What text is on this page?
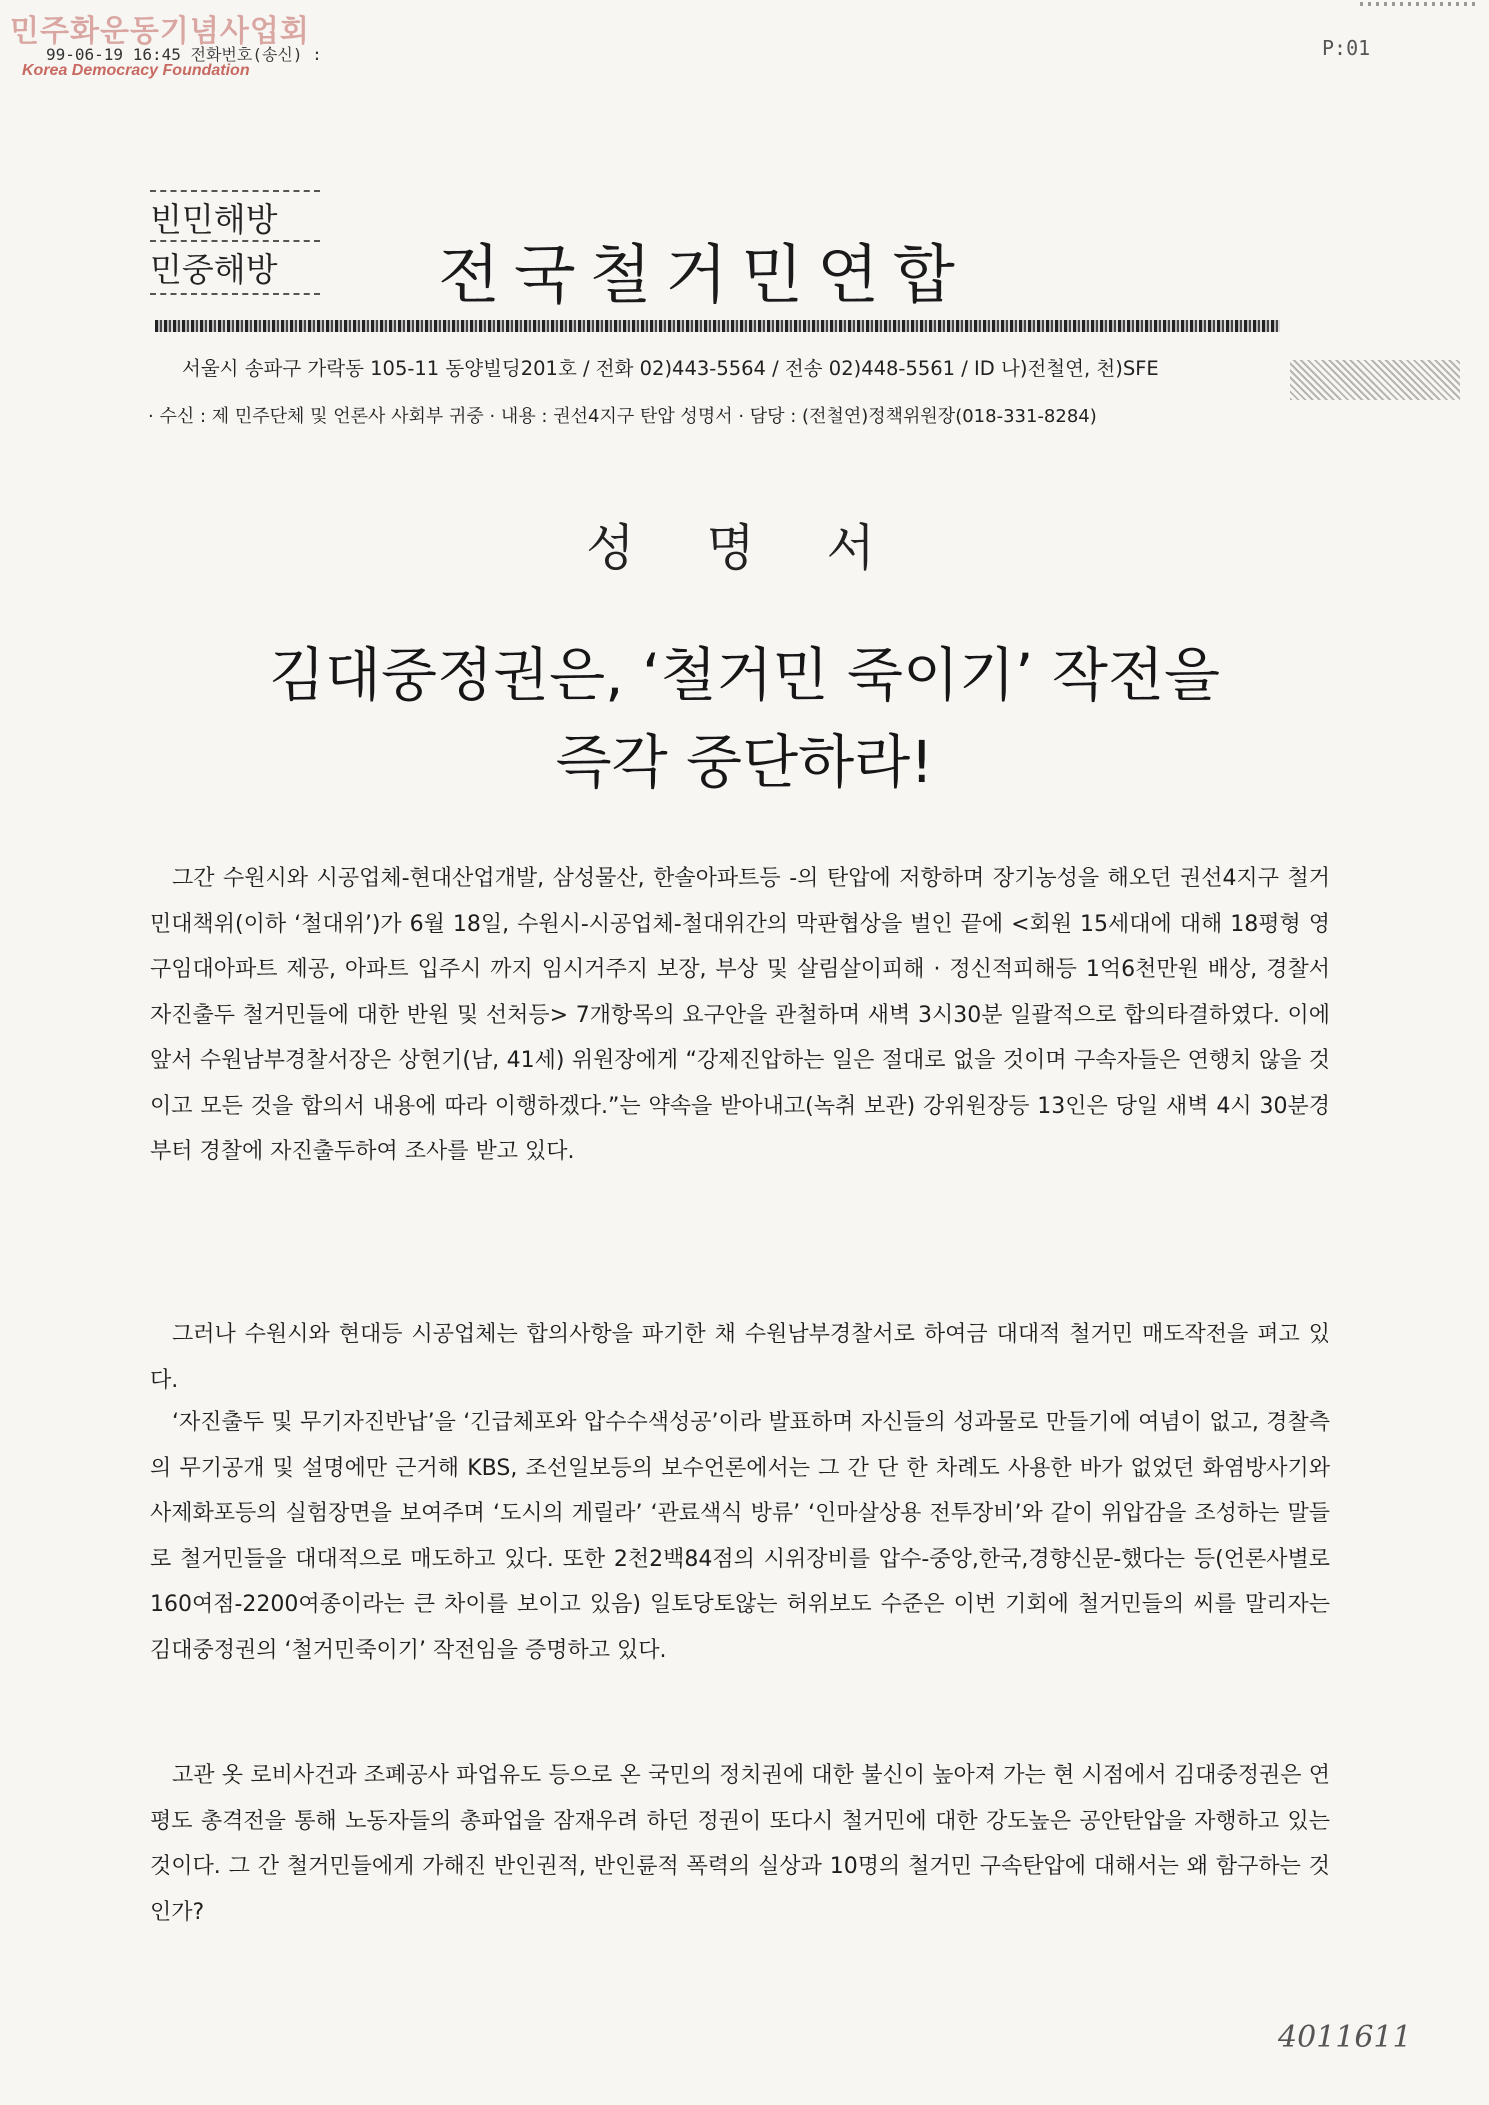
민주화운동기념사업회
99-06-19 16:45 전화번호(송신) :
Korea Democracy Foundation
P:01
빈민해방
민중해방	전국철거민연합
서울시 송파구 가락동 105-11 동양빌딩201호 / 전화 02)443-5564 / 전송 02)448-5561 / ID 나)전철연, 천)SFE
· 수신 : 제 민주단체 및 언론사 사회부 귀중 · 내용 : 권선4지구 탄압 성명서 · 담당 : (전철연)정책위원장(018-331-8284)
성 명 서
김대중정권은, ‘철거민 죽이기’ 작전을
즉각 중단하라!
그간 수원시와 시공업체-현대산업개발, 삼성물산, 한솔아파트등 -의 탄압에 저항하며 장기농성을 해오던 권선4지구 철거민대책위(이하 ‘철대위’)가 6월 18일, 수원시-시공업체-철대위간의 막판협상을 벌인 끝에 <회원 15세대에 대해 18평형 영구임대아파트 제공, 아파트 입주시 까지 임시거주지 보장, 부상 및 살림살이피해 · 정신적피해등 1억6천만원 배상, 경찰서 자진출두 철거민들에 대한 반원 및 선처등> 7개항목의 요구안을 관철하며 새벽 3시30분 일괄적으로 합의타결하였다. 이에 앞서 수원남부경찰서장은 상현기(남, 41세) 위원장에게 “강제진압하는 일은 절대로 없을 것이며 구속자들은 연행치 않을 것이고 모든 것을 합의서 내용에 따라 이행하겠다.”는 약속을 받아내고(녹취 보관) 강위원장등 13인은 당일 새벽 4시 30분경부터 경찰에 자진출두하여 조사를 받고 있다.
그러나 수원시와 현대등 시공업체는 합의사항을 파기한 채 수원남부경찰서로 하여금 대대적 철거민 매도작전을 펴고 있다.
‘자진출두 및 무기자진반납’을 ‘긴급체포와 압수수색성공’이라 발표하며 자신들의 성과물로 만들기에 여념이 없고, 경찰측의 무기공개 및 설명에만 근거해 KBS, 조선일보등의 보수언론에서는 그 간 단 한 차례도 사용한 바가 없었던 화염방사기와 사제화포등의 실험장면을 보여주며 ‘도시의 게릴라’ ‘관료색식 방류’ ‘인마살상용 전투장비’와 같이 위압감을 조성하는 말들로 철거민들을 대대적으로 매도하고 있다. 또한 2천2백84점의 시위장비를 압수-중앙,한국,경향신문-했다는 등(언론사별로 160여점-2200여종이라는 큰 차이를 보이고 있음) 일토당토않는 허위보도 수준은 이번 기회에 철거민들의 씨를 말리자는 김대중정권의 ‘철거민죽이기’ 작전임을 증명하고 있다.
고관 옷 로비사건과 조폐공사 파업유도 등으로 온 국민의 정치권에 대한 불신이 높아져 가는 현 시점에서 김대중정권은 연평도 총격전을 통해 노동자들의 총파업을 잠재우려 하던 정권이 또다시 철거민에 대한 강도높은 공안탄압을 자행하고 있는 것이다. 그 간 철거민들에게 가해진 반인권적, 반인륜적 폭력의 실상과 10명의 철거민 구속탄압에 대해서는 왜 함구하는 것인가?
4011611
